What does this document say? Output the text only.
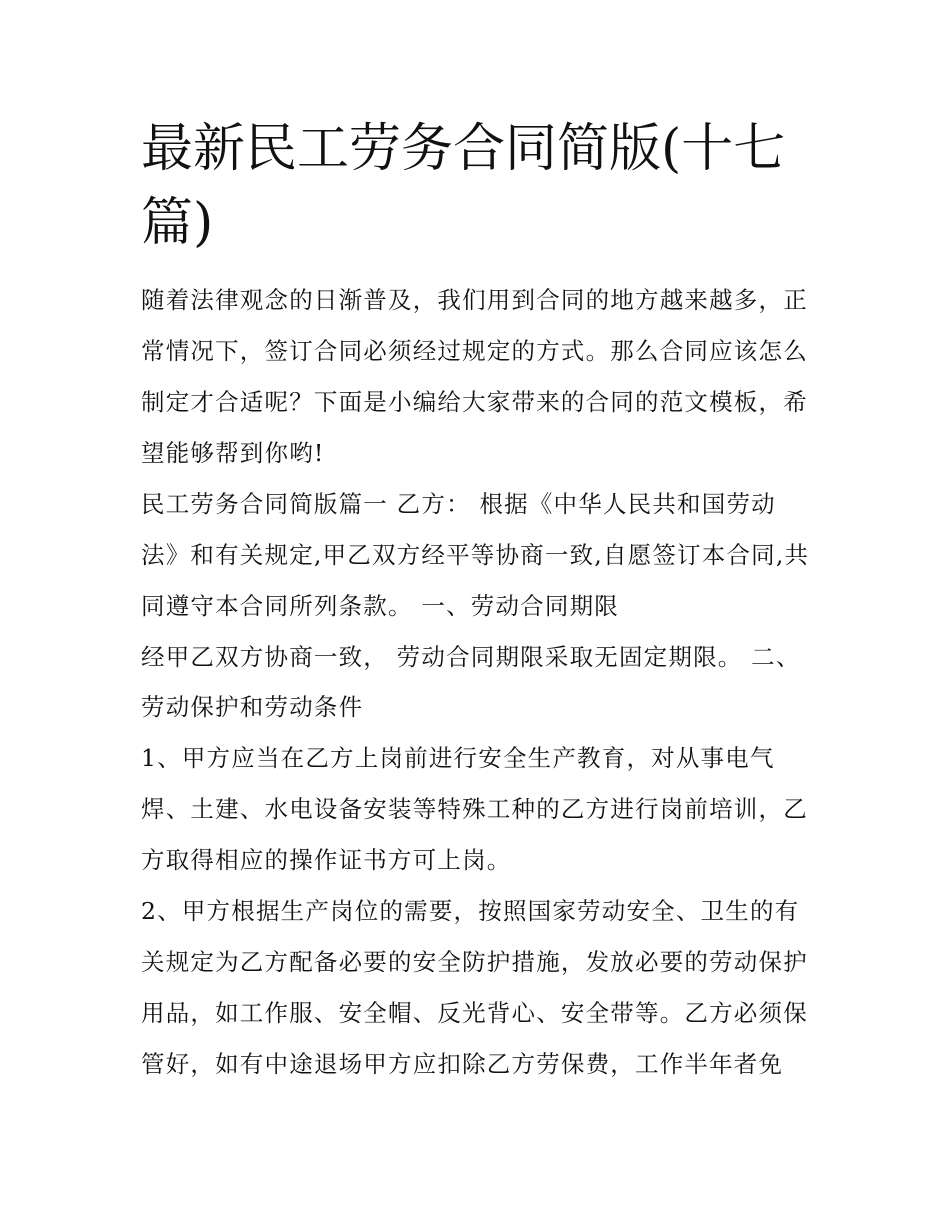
最新民工劳务合同简版(十七篇)

随着法律观念的日渐普及，我们用到合同的地方越来越多，正

常情况下，签订合同必须经过规定的方式。那么合同应该怎么

制定才合适呢？下面是小编给大家带来的合同的范文模板，希

望能够帮到你哟!

民工劳务合同简版篇一 乙方： 根据《中华人民共和国劳动

法》和有关规定,甲乙双方经平等协商一致,自愿签订本合同,共

同遵守本合同所列条款。 一、劳动合同期限

经甲乙双方协商一致， 劳动合同期限采取无固定期限。 二、

劳动保护和劳动条件

1、甲方应当在乙方上岗前进行安全生产教育，对从事电气

焊、土建、水电设备安装等特殊工种的乙方进行岗前培训，乙

方取得相应的操作证书方可上岗。

2、甲方根据生产岗位的需要，按照国家劳动安全、卫生的有

关规定为乙方配备必要的安全防护措施，发放必要的劳动保护

用品，如工作服、安全帽、反光背心、安全带等。乙方必须保

管好，如有中途退场甲方应扣除乙方劳保费，工作半年者免
